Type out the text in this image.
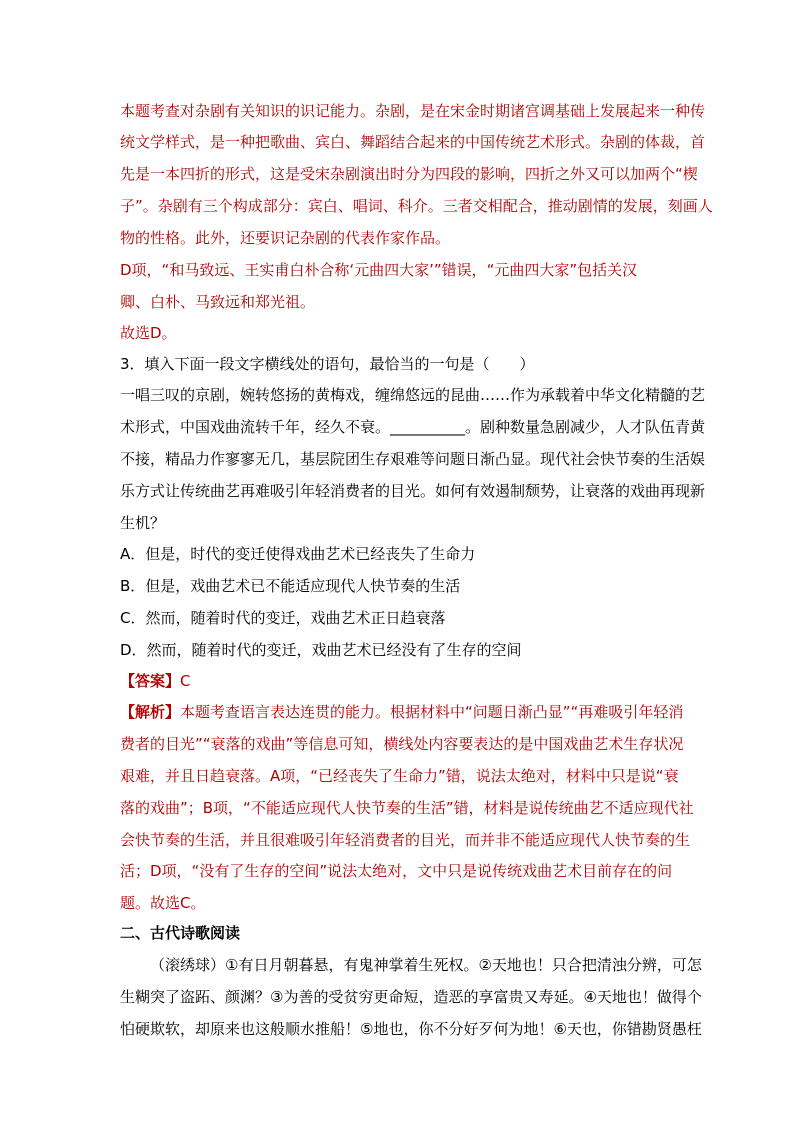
本题考查对杂剧有关知识的识记能力。杂剧，是在宋金时期诸宫调基础上发展起来一种传
统文学样式，是一种把歌曲、宾白、舞蹈结合起来的中国传统艺术形式。杂剧的体裁，首
先是一本四折的形式，这是受宋杂剧演出时分为四段的影响，四折之外又可以加两个“楔
子”。杂剧有三个构成部分：宾白、唱词、科介。三者交相配合，推动剧情的发展，刻画人
物的性格。此外，还要识记杂剧的代表作家作品。
D项，“和马致远、王实甫白朴合称‘元曲四大家’”错误，“元曲四大家”包括关汉
卿、白朴、马致远和郑光祖。
故选D。
3．填入下面一段文字横线处的语句，最恰当的一句是（　　）
一唱三叹的京剧，婉转悠扬的黄梅戏，缠绵悠远的昆曲……作为承载着中华文化精髓的艺
术形式，中国戏曲流转千年，经久不衰。__________。剧种数量急剧减少，人才队伍青黄
不接，精品力作寥寥无几，基层院团生存艰难等问题日渐凸显。现代社会快节奏的生活娱
乐方式让传统曲艺再难吸引年轻消费者的目光。如何有效遏制颓势，让衰落的戏曲再现新
生机？
A．但是，时代的变迁使得戏曲艺术已经丧失了生命力
B．但是，戏曲艺术已不能适应现代人快节奏的生活
C．然而，随着时代的变迁，戏曲艺术正日趋衰落
D．然而，随着时代的变迁，戏曲艺术已经没有了生存的空间
【答案】C
【解析】本题考查语言表达连贯的能力。根据材料中“问题日渐凸显”“再难吸引年轻消
费者的目光”“衰落的戏曲”等信息可知，横线处内容要表达的是中国戏曲艺术生存状况
艰难，并且日趋衰落。A项，“已经丧失了生命力”错，说法太绝对，材料中只是说“衰
落的戏曲”；B项，“不能适应现代人快节奏的生活”错，材料是说传统曲艺不适应现代社
会快节奏的生活，并且很难吸引年轻消费者的目光，而并非不能适应现代人快节奏的生
活；D项，“没有了生存的空间”说法太绝对，文中只是说传统戏曲艺术目前存在的问
题。故选C。
二、古代诗歌阅读
（滚绣球）①有日月朝暮悬，有鬼神掌着生死权。②天地也！只合把清浊分辨，可怎
生糊突了盗跖、颜渊？③为善的受贫穷更命短，造恶的享富贵又寿延。④天地也！做得个
怕硬欺软，却原来也这般顺水推船！⑤地也，你不分好歹何为地！⑥天也，你错勘贤愚枉
